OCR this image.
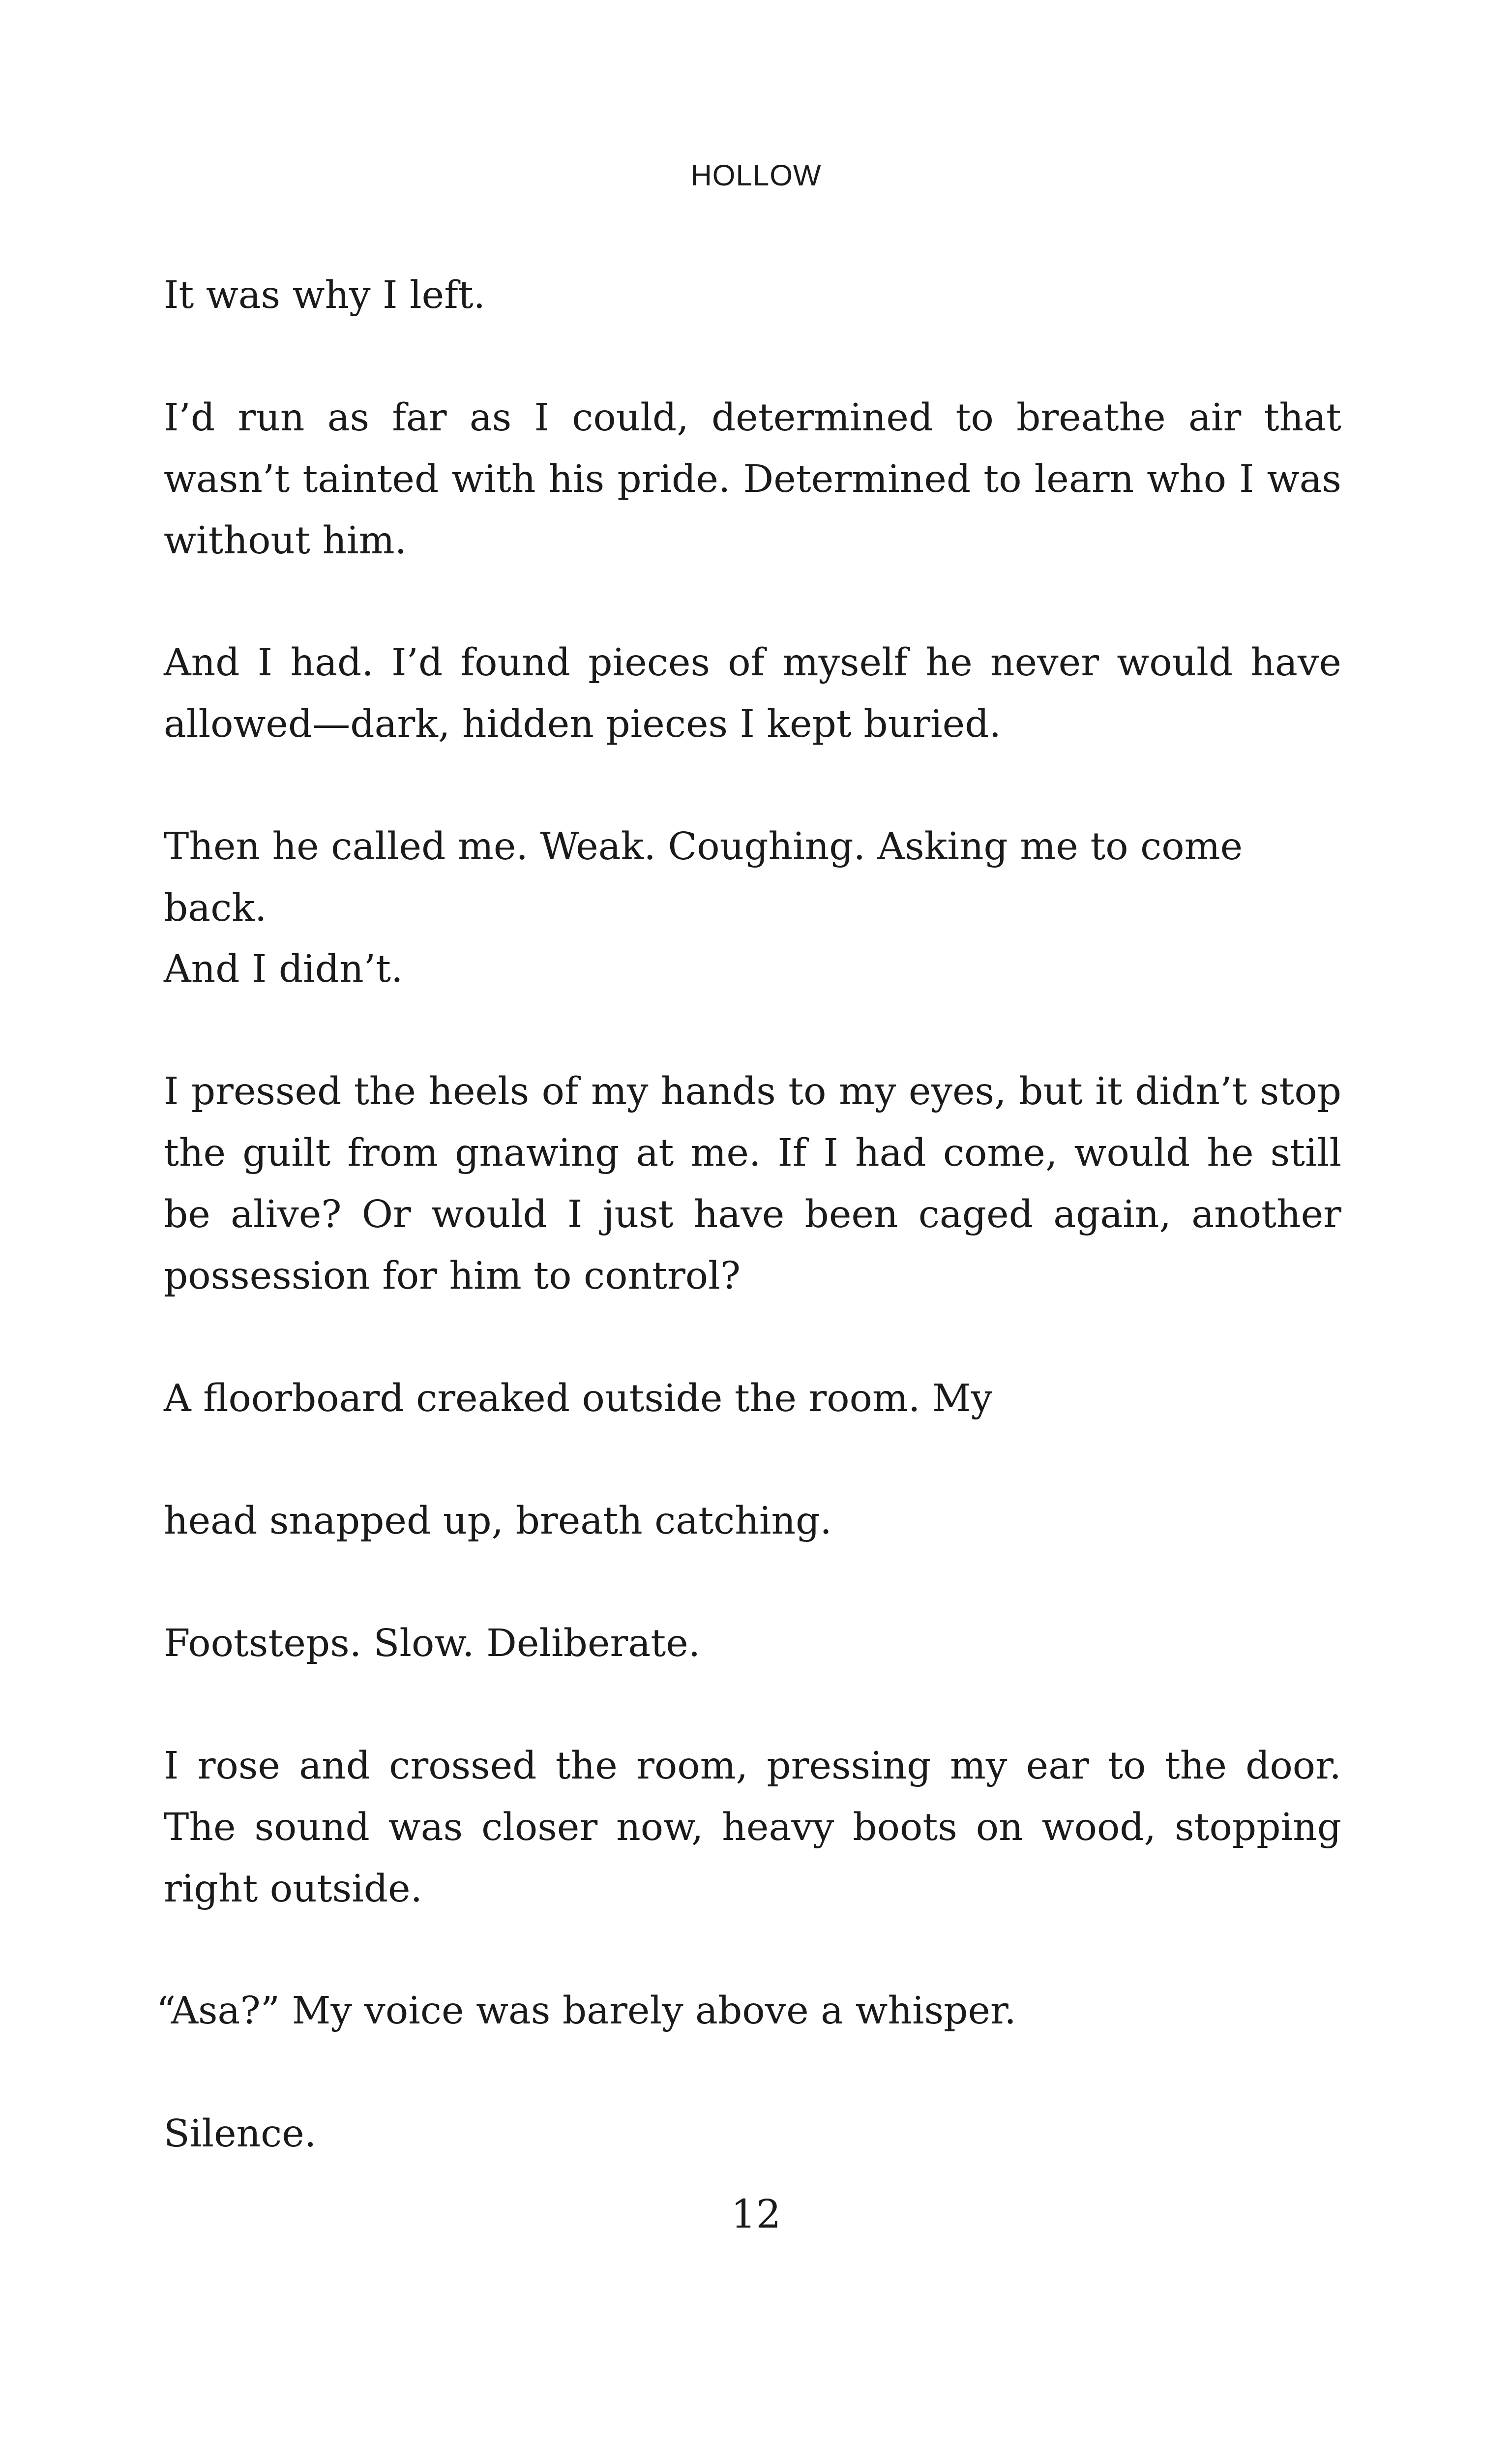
HOLLOW

It was why I left.

I’d run as far as I could, determined to breathe air that wasn’t tainted with his pride. Determined to learn who I was without him.

And I had. I’d found pieces of myself he never would have allowed—dark, hidden pieces I kept buried.

Then he called me. Weak. Coughing. Asking me to come back.

And I didn’t.

I pressed the heels of my hands to my eyes, but it didn’t stop the guilt from gnawing at me. If I had come, would he still be alive? Or would I just have been caged again, another possession for him to control?

A floorboard creaked outside the room. My

head snapped up, breath catching.

Footsteps. Slow. Deliberate.

I rose and crossed the room, pressing my ear to the door. The sound was closer now, heavy boots on wood, stopping right outside.

“Asa?” My voice was barely above a whisper.

Silence.

12
